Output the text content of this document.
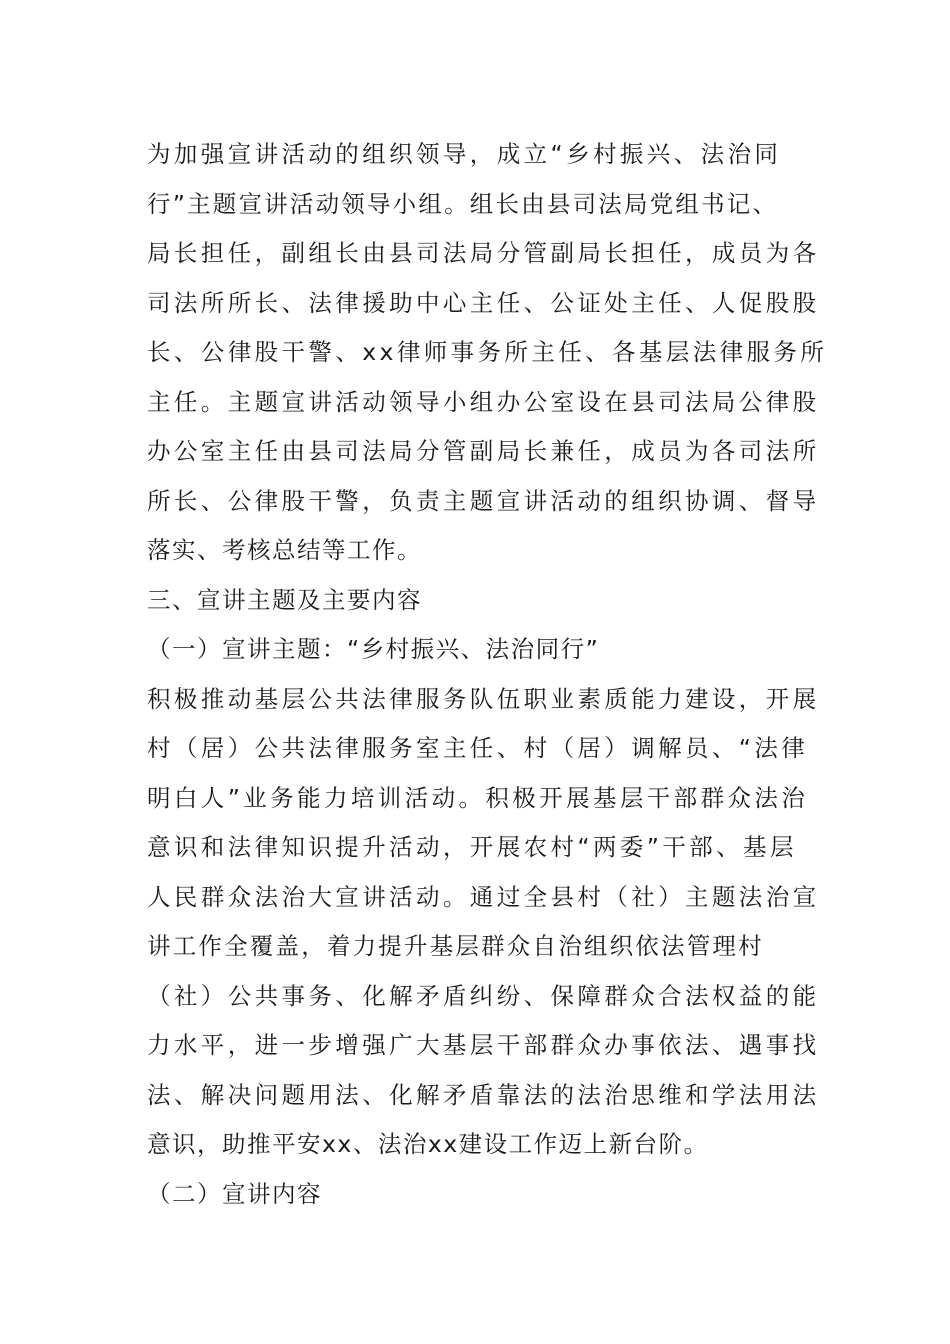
为加强宣讲活动的组织领导，成立“乡村振兴、法治同
行”主题宣讲活动领导小组。组长由县司法局党组书记、
局长担任，副组长由县司法局分管副局长担任，成员为各
司法所所长、法律援助中心主任、公证处主任、人促股股
长、公律股干警、xx律师事务所主任、各基层法律服务所
主任。主题宣讲活动领导小组办公室设在县司法局公律股
办公室主任由县司法局分管副局长兼任，成员为各司法所
所长、公律股干警，负责主题宣讲活动的组织协调、督导
落实、考核总结等工作。
三、宣讲主题及主要内容
（一）宣讲主题：“乡村振兴、法治同行”
积极推动基层公共法律服务队伍职业素质能力建设，开展
村（居）公共法律服务室主任、村（居）调解员、“法律
明白人”业务能力培训活动。积极开展基层干部群众法治
意识和法律知识提升活动，开展农村“两委”干部、基层
人民群众法治大宣讲活动。通过全县村（社）主题法治宣
讲工作全覆盖，着力提升基层群众自治组织依法管理村
（社）公共事务、化解矛盾纠纷、保障群众合法权益的能
力水平，进一步增强广大基层干部群众办事依法、遇事找
法、解决问题用法、化解矛盾靠法的法治思维和学法用法
意识，助推平安xx、法治xx建设工作迈上新台阶。
（二）宣讲内容
